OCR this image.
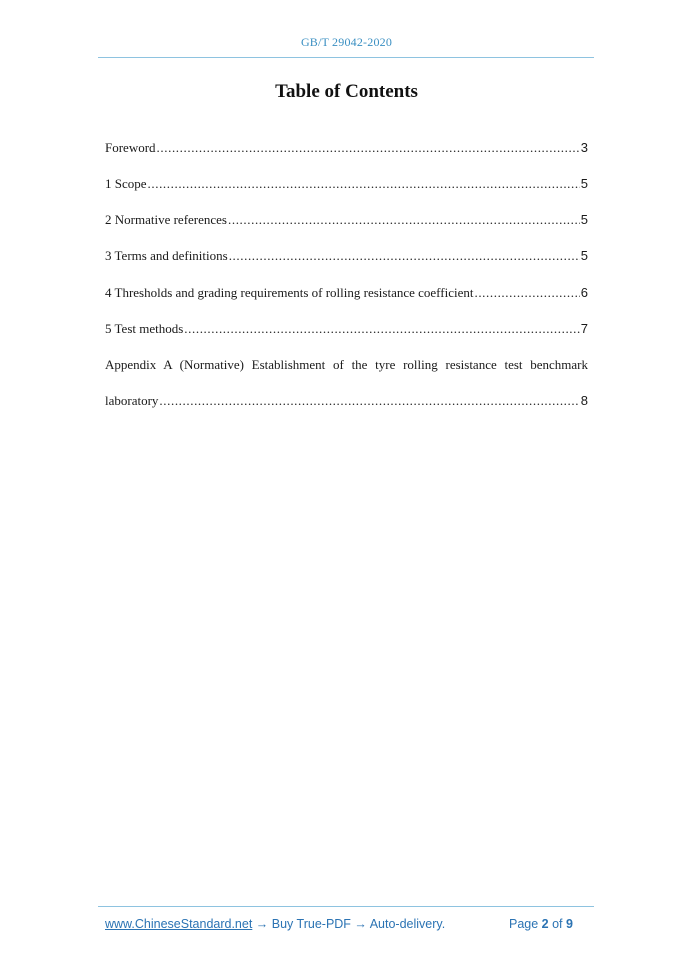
GB/T 29042-2020
Table of Contents
Foreword .....	3
1 Scope .....	5
2 Normative references .....	5
3 Terms and definitions .....	5
4 Thresholds and grading requirements of rolling resistance coefficient .....	6
5 Test methods .....	7
Appendix A (Normative) Establishment of the tyre rolling resistance test benchmark
laboratory .....	8
www.ChineseStandard.net → Buy True-PDF → Auto-delivery.	Page 2 of 9
